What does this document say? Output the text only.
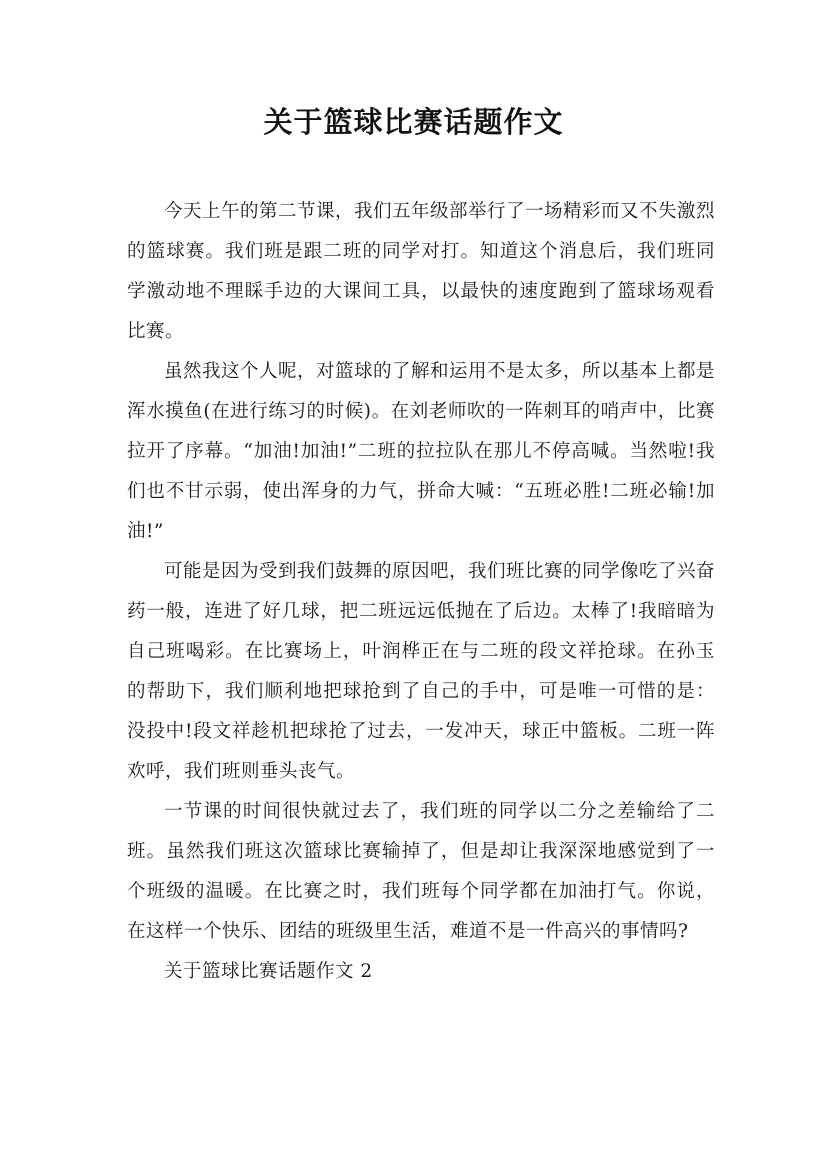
关于篮球比赛话题作文

今天上午的第二节课，我们五年级部举行了一场精彩而又不失激烈的篮球赛。我们班是跟二班的同学对打。知道这个消息后，我们班同学激动地不理睬手边的大课间工具，以最快的速度跑到了篮球场观看比赛。

虽然我这个人呢，对篮球的了解和运用不是太多，所以基本上都是浑水摸鱼(在进行练习的时候)。在刘老师吹的一阵刺耳的哨声中，比赛拉开了序幕。“加油!加油!”二班的拉拉队在那儿不停高喊。当然啦!我们也不甘示弱，使出浑身的力气，拼命大喊：“五班必胜!二班必输!加油!”

可能是因为受到我们鼓舞的原因吧，我们班比赛的同学像吃了兴奋药一般，连进了好几球，把二班远远低抛在了后边。太棒了!我暗暗为自己班喝彩。在比赛场上，叶润桦正在与二班的段文祥抢球。在孙玉的帮助下，我们顺利地把球抢到了自己的手中，可是唯一可惜的是：没投中!段文祥趁机把球抢了过去，一发冲天，球正中篮板。二班一阵欢呼，我们班则垂头丧气。

一节课的时间很快就过去了，我们班的同学以二分之差输给了二班。虽然我们班这次篮球比赛输掉了，但是却让我深深地感觉到了一个班级的温暖。在比赛之时，我们班每个同学都在加油打气。你说，在这样一个快乐、团结的班级里生活，难道不是一件高兴的事情吗?

关于篮球比赛话题作文 2
